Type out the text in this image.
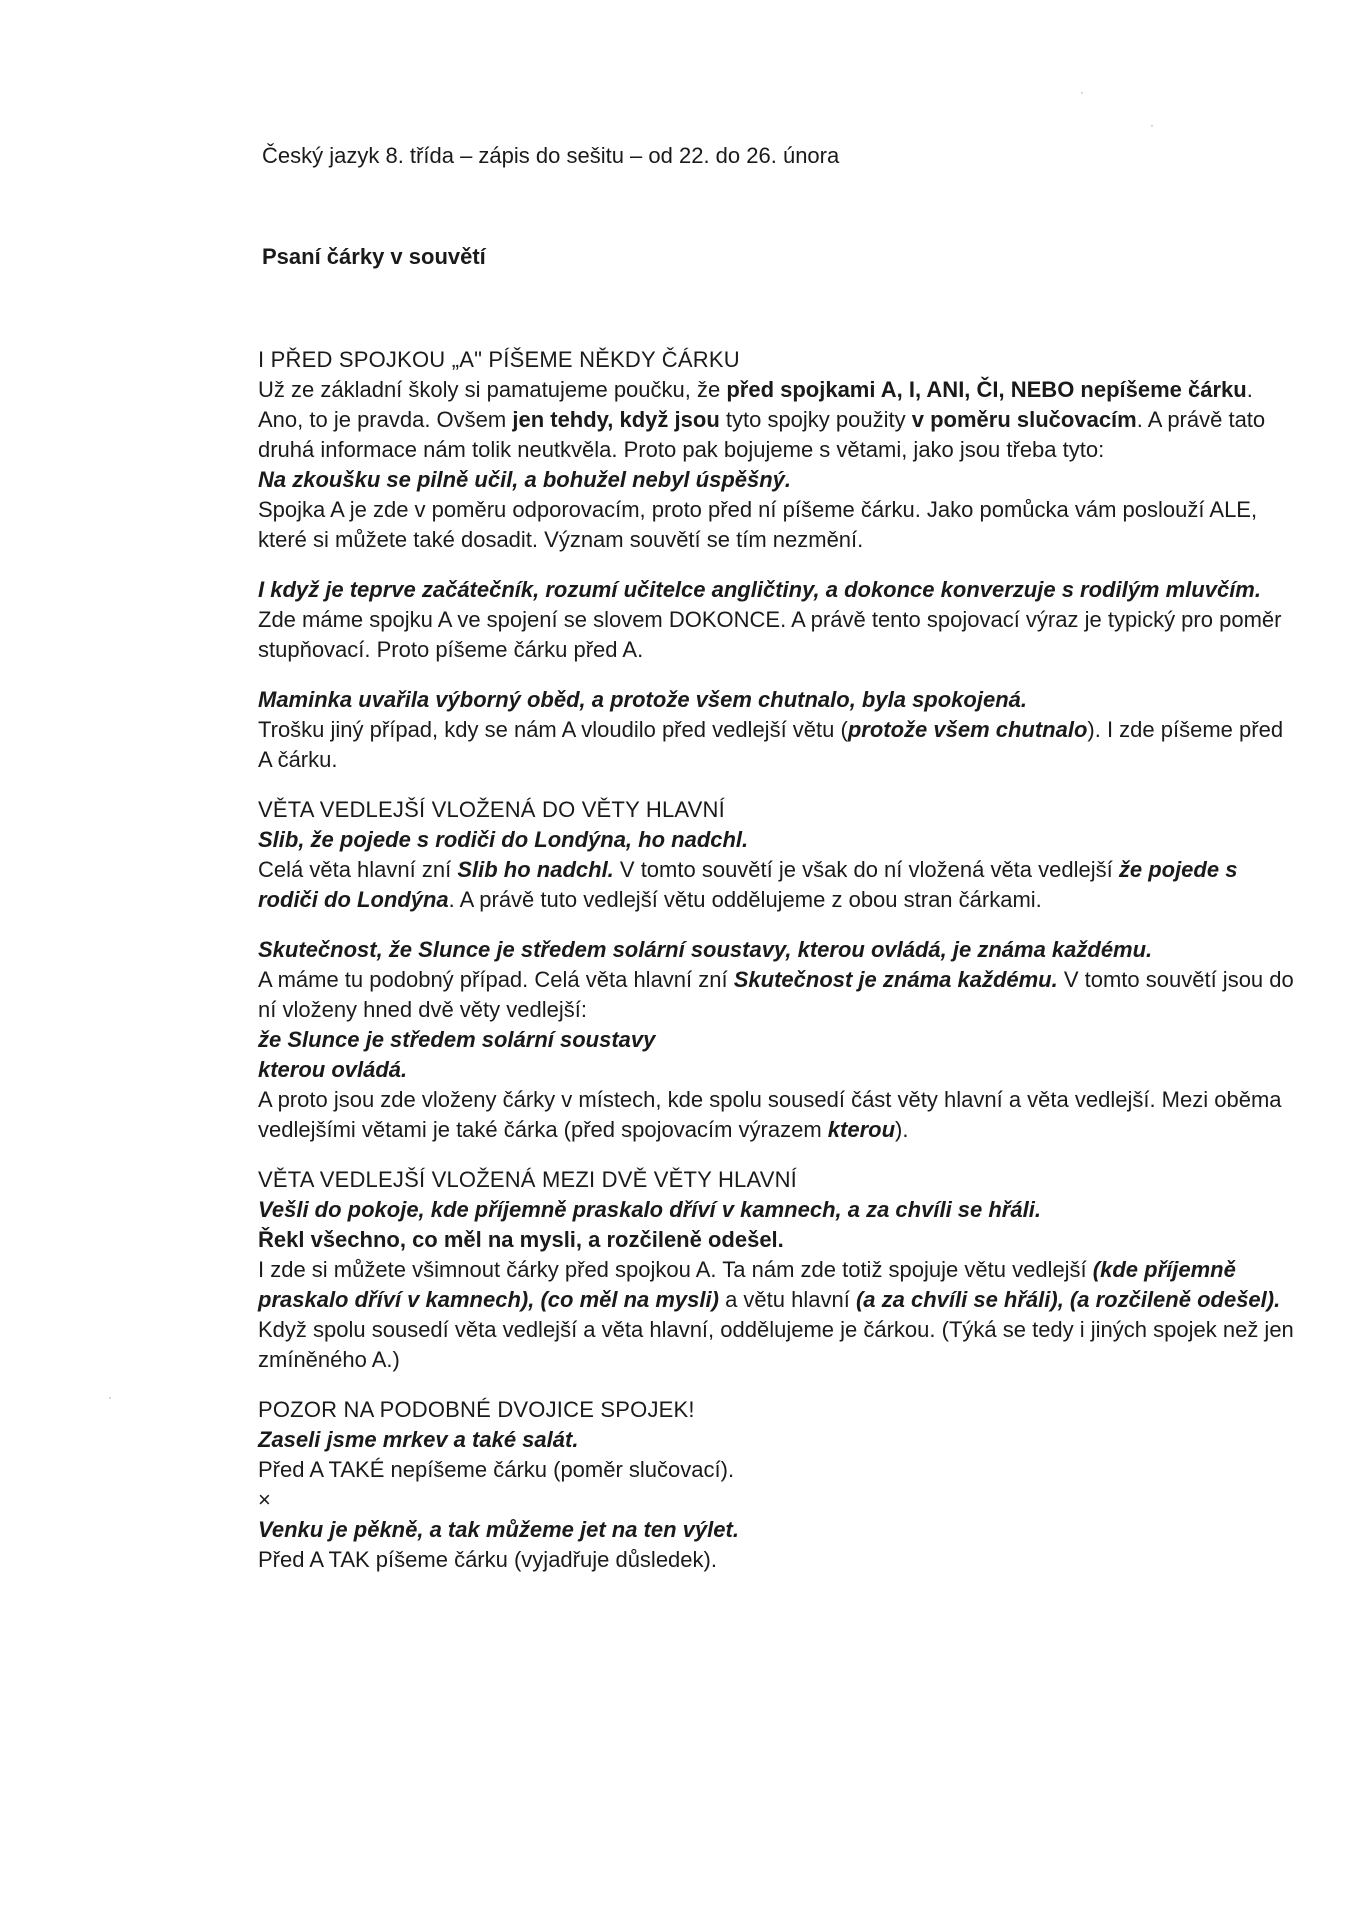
Český jazyk 8. třída – zápis do sešitu – od 22. do 26. února
Psaní čárky v souvětí

I PŘED SPOJKOU „A" PÍŠEME NĚKDY ČÁRKU

Už ze základní školy si pamatujeme poučku, že před spojkami A, I, ANI, ČI, NEBO nepíšeme čárku.

Ano, to je pravda. Ovšem jen tehdy, když jsou tyto spojky použity v poměru slučovacím. A právě tato druhá informace nám tolik neutkvěla. Proto pak bojujeme s větami, jako jsou třeba tyto:

Na zkoušku se pilně učil, a bohužel nebyl úspěšný.

Spojka A je zde v poměru odporovacím, proto před ní píšeme čárku. Jako pomůcka vám poslouží ALE, které si můžete také dosadit. Význam souvětí se tím nezmění.

I když je teprve začátečník, rozumí učitelce angličtiny, a dokonce konverzuje s rodilým mluvčím.

Zde máme spojku A ve spojení se slovem DOKONCE. A právě tento spojovací výraz je typický pro poměr stupňovací. Proto píšeme čárku před A.

Maminka uvařila výborný oběd, a protože všem chutnalo, byla spokojená.

Trošku jiný případ, kdy se nám A vloudilo před vedlejší větu (protože všem chutnalo). I zde píšeme před A čárku.

VĚTA VEDLEJŠÍ VLOŽENÁ DO VĚTY HLAVNÍ

Slib, že pojede s rodiči do Londýna, ho nadchl.

Celá věta hlavní zní Slib ho nadchl. V tomto souvětí je však do ní vložená věta vedlejší že pojede s rodiči do Londýna. A právě tuto vedlejší větu oddělujeme z obou stran čárkami.

Skutečnost, že Slunce je středem solární soustavy, kterou ovládá, je známa každému.

A máme tu podobný případ. Celá věta hlavní zní Skutečnost je známa každému. V tomto souvětí jsou do ní vloženy hned dvě věty vedlejší:

že Slunce je středem solární soustavy

kterou ovládá.

A proto jsou zde vloženy čárky v místech, kde spolu sousedí část věty hlavní a věta vedlejší. Mezi oběma vedlejšími větami je také čárka (před spojovacím výrazem kterou).

VĚTA VEDLEJŠÍ VLOŽENÁ MEZI DVĚ VĚTY HLAVNÍ

Vešli do pokoje, kde příjemně praskalo dříví v kamnech, a za chvíli se hřáli.

Řekl všechno, co měl na mysli, a rozčileně odešel.

I zde si můžete všimnout čárky před spojkou A. Ta nám zde totiž spojuje větu vedlejší (kde příjemně praskalo dříví v kamnech), (co měl na mysli) a větu hlavní (a za chvíli se hřáli), (a rozčileně odešel).

Když spolu sousedí věta vedlejší a věta hlavní, oddělujeme je čárkou. (Týká se tedy i jiných spojek než jen zmíněného A.)

POZOR NA PODOBNÉ DVOJICE SPOJEK!

Zaseli jsme mrkev a také salát.

Před A TAKÉ nepíšeme čárku (poměr slučovací).

×

Venku je pěkně, a tak můžeme jet na ten výlet.

Před A TAK píšeme čárku (vyjadřuje důsledek).

·
·
·
